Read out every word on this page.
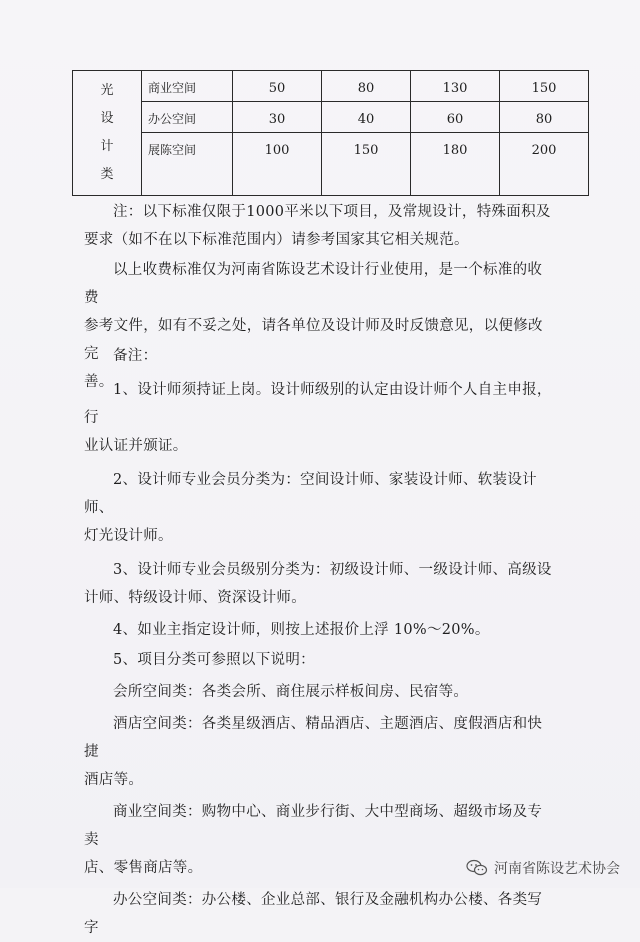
光
设
计
类	商业空间	50	80	130	150
	办公空间	30	40	60	80
	展陈空间	100	150	180	200
注：以下标准仅限于1000平米以下项目，及常规设计，特殊面积及
要求（如不在以下标准范围内）请参考国家其它相关规范。
以上收费标准仅为河南省陈设艺术设计行业使用，是一个标准的收费
参考文件，如有不妥之处，请各单位及设计师及时反馈意见，以便修改完
善。
备注：
1、设计师须持证上岗。设计师级别的认定由设计师个人自主申报，行
业认证并颁证。
2、设计师专业会员分类为：空间设计师、家装设计师、软装设计师、
灯光设计师。
3、设计师专业会员级别分类为：初级设计师、一级设计师、高级设
计师、特级设计师、资深设计师。
4、如业主指定设计师，则按上述报价上浮 10%～20%。
5、项目分类可参照以下说明：
会所空间类：各类会所、商住展示样板间房、民宿等。
酒店空间类：各类星级酒店、精品酒店、主题酒店、度假酒店和快捷
酒店等。
商业空间类：购物中心、商业步行街、大中型商场、超级市场及专卖
店、零售商店等。
办公空间类：办公楼、企业总部、银行及金融机构办公楼、各类写字
河南省陈设艺术协会
